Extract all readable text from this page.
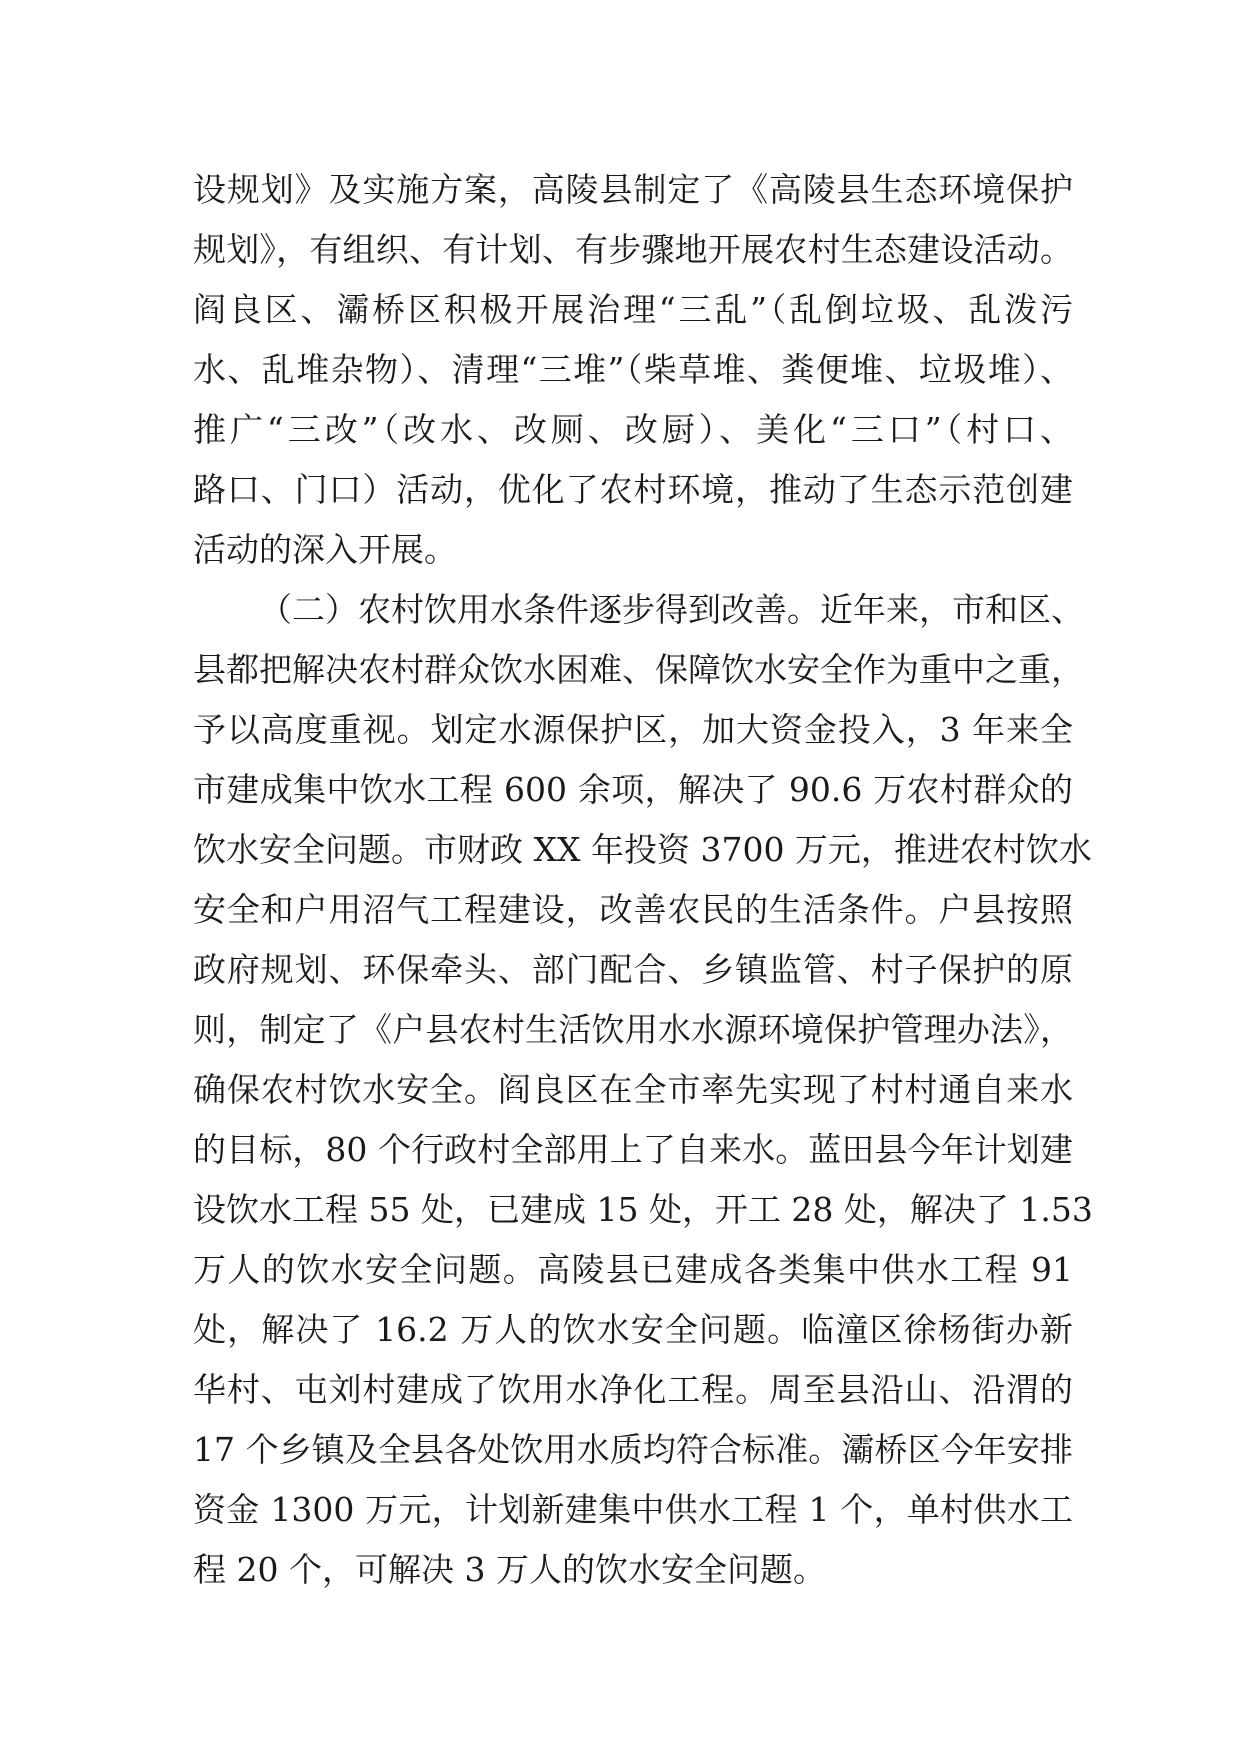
设规划》及实施方案，高陵县制定了《高陵县生态环境保护
规划》，有组织、有计划、有步骤地开展农村生态建设活动。
阎良区、灞桥区积极开展治理“三乱”（乱倒垃圾、乱泼污
水、乱堆杂物）、清理“三堆”（柴草堆、粪便堆、垃圾堆）、
推广“三改”（改水、改厕、改厨）、美化“三口”（村口、
路口、门口）活动，优化了农村环境，推动了生态示范创建
活动的深入开展。
（二）农村饮用水条件逐步得到改善。近年来，市和区、
县都把解决农村群众饮水困难、保障饮水安全作为重中之重，
予以高度重视。划定水源保护区，加大资金投入，3 年来全
市建成集中饮水工程 600 余项，解决了 90.6 万农村群众的
饮水安全问题。市财政 XX 年投资 3700 万元，推进农村饮水
安全和户用沼气工程建设，改善农民的生活条件。户县按照
政府规划、环保牵头、部门配合、乡镇监管、村子保护的原
则，制定了《户县农村生活饮用水水源环境保护管理办法》，
确保农村饮水安全。阎良区在全市率先实现了村村通自来水
的目标，80 个行政村全部用上了自来水。蓝田县今年计划建
设饮水工程 55 处，已建成 15 处，开工 28 处，解决了 1.53
万人的饮水安全问题。高陵县已建成各类集中供水工程 91
处，解决了 16.2 万人的饮水安全问题。临潼区徐杨街办新
华村、屯刘村建成了饮用水净化工程。周至县沿山、沿渭的
17 个乡镇及全县各处饮用水质均符合标准。灞桥区今年安排
资金 1300 万元，计划新建集中供水工程 1 个，单村供水工
程 20 个，可解决 3 万人的饮水安全问题。
